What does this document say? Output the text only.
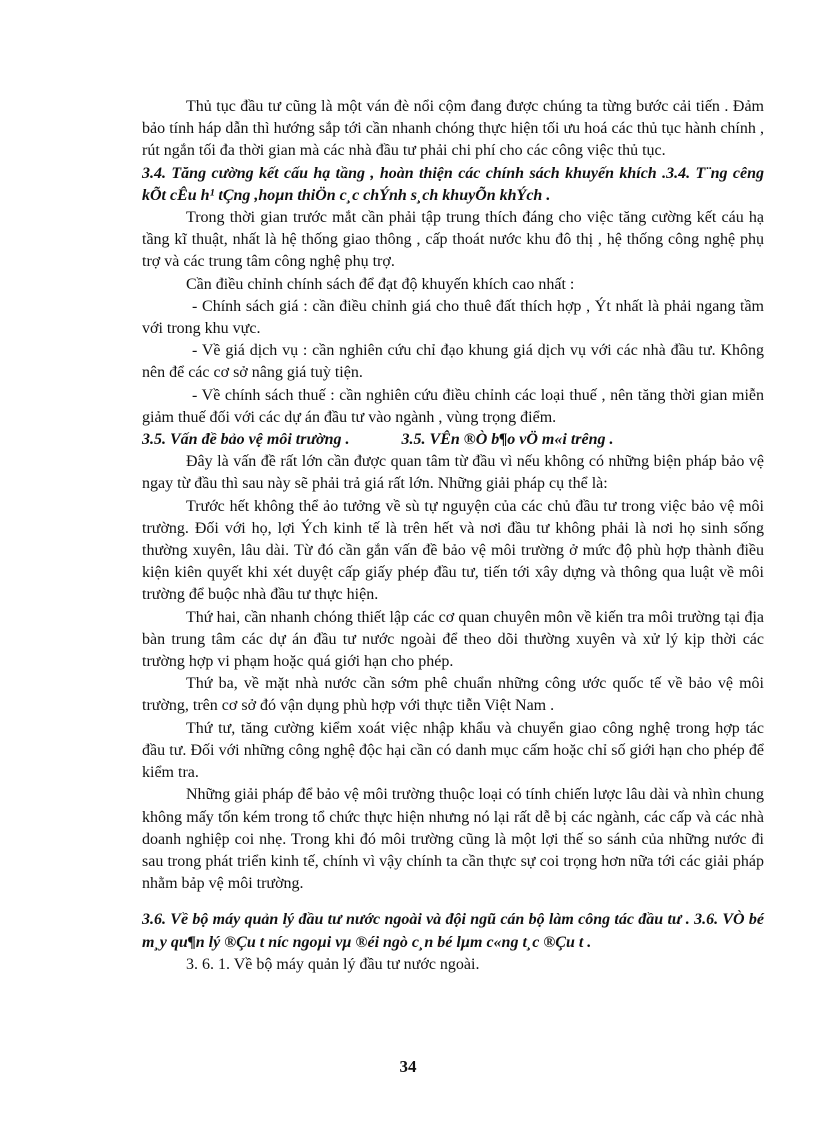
Thủ tục đầu tư cũng là một ván đè nổi cộm đang được chúng ta từng bước cải tiến . Đảm bảo tính háp dẫn thì hướng sắp tới cần nhanh chóng thực hiện tối ưu hoá các thủ tục hành chính , rút ngắn tối đa thời gian mà các nhà đầu tư phải chi phí cho các công việc thủ tục.

3.4. Tăng cường kết cấu hạ tầng , hoàn thiện các chính sách khuyến khích .3.4. T¨ng cêng kÕt cÊu h¹ tÇng ,hoµn thiÖn c¸c chÝnh s¸ch khuyÕn khÝch .

Trong thời gian trước mắt cần phải tập trung thích đáng cho việc tăng cường kết cáu hạ tầng kĩ thuật, nhất là hệ thống giao thông , cấp thoát nước khu đô thị , hệ thống công nghệ phụ trợ và các trung tâm công nghệ phụ trợ.

Cần điều chỉnh chính sách để đạt độ khuyến khích cao nhất :

- Chính sách giá : cần điều chỉnh giá cho thuê đất thích hợp , Ýt nhất là phải ngang tầm với trong khu vực.

- Về giá dịch vụ : cần nghiên cứu chỉ đạo khung giá dịch vụ với các nhà đầu tư. Không nên để các cơ sở nâng giá tuỳ tiện.

- Về chính sách thuế : cần nghiên cứu điều chỉnh các loại thuế , nên tăng thời gian miễn giảm thuế đối với các dự án đầu tư vào ngành , vùng trọng điểm.

3.5. Vấn đề bảo vệ môi trường .	3.5. VÊn ®Ò b¶o vÖ m«i trêng .

Đây là vấn đề rất lớn cần được quan tâm từ đầu vì nếu không có những biện pháp bảo vệ ngay từ đầu thì sau này sẽ phải trả giá rất lớn. Những giải pháp cụ thể là:

Trước hết không thể ảo tưởng về sù tự nguyện của các chủ đầu tư trong việc bảo vệ môi trường. Đối với họ, lợi Ých kinh tế là trên hết và nơi đầu tư không phải là nơi họ sinh sống thường xuyên, lâu dài. Từ đó cần gắn vấn đề bảo vệ môi trường ở mức độ phù hợp thành điều kiện kiên quyết khi xét duyệt cấp giấy phép đầu tư, tiến tới xây dựng và thông qua luật về môi trường để buộc nhà đầu tư thực hiện.

Thứ hai, cần nhanh chóng thiết lập các cơ quan chuyên môn về kiến tra môi trường tại địa bàn trung tâm các dự án đầu tư nước ngoài để theo dõi thường xuyên và xử lý kịp thời các trường hợp vi phạm hoặc quá giới hạn cho phép.

Thứ ba, về mặt nhà nước cần sớm phê chuẩn những công ước quốc tế về bảo vệ môi trường, trên cơ sở đó vận dụng phù hợp với thực tiễn Việt Nam .

Thứ tư, tăng cường kiểm xoát việc nhập khẩu và chuyển giao công nghệ trong hợp tác đầu tư. Đối với những công nghệ độc hại cần có danh mục cấm hoặc chỉ số giới hạn cho phép để kiểm tra.

Những giải pháp để bảo vệ môi trường thuộc loại có tính chiến lược lâu dài và nhìn chung không mấy tốn kém trong tổ chức thực hiện nhưng nó lại rất dễ bị các ngành, các cấp và các nhà doanh nghiệp coi nhẹ. Trong khi đó môi trường cũng là một lợi thế so sánh của những nước đi sau trong phát triển kinh tế, chính vì vậy chính ta cần thực sự coi trọng hơn nữa tới các giải pháp nhằm bảp vệ môi trường.

3.6. Về bộ máy quản lý đầu tư nước ngoài và đội ngũ cán bộ làm công tác đầu tư . 3.6. VÒ bé m¸y qu¶n lý ®Çu t níc ngoµi vµ ®éi ngò c¸n bé lµm c«ng t¸c ®Çu t .

3. 6. 1. Về bộ máy quản lý đầu tư nước ngoài.

34
